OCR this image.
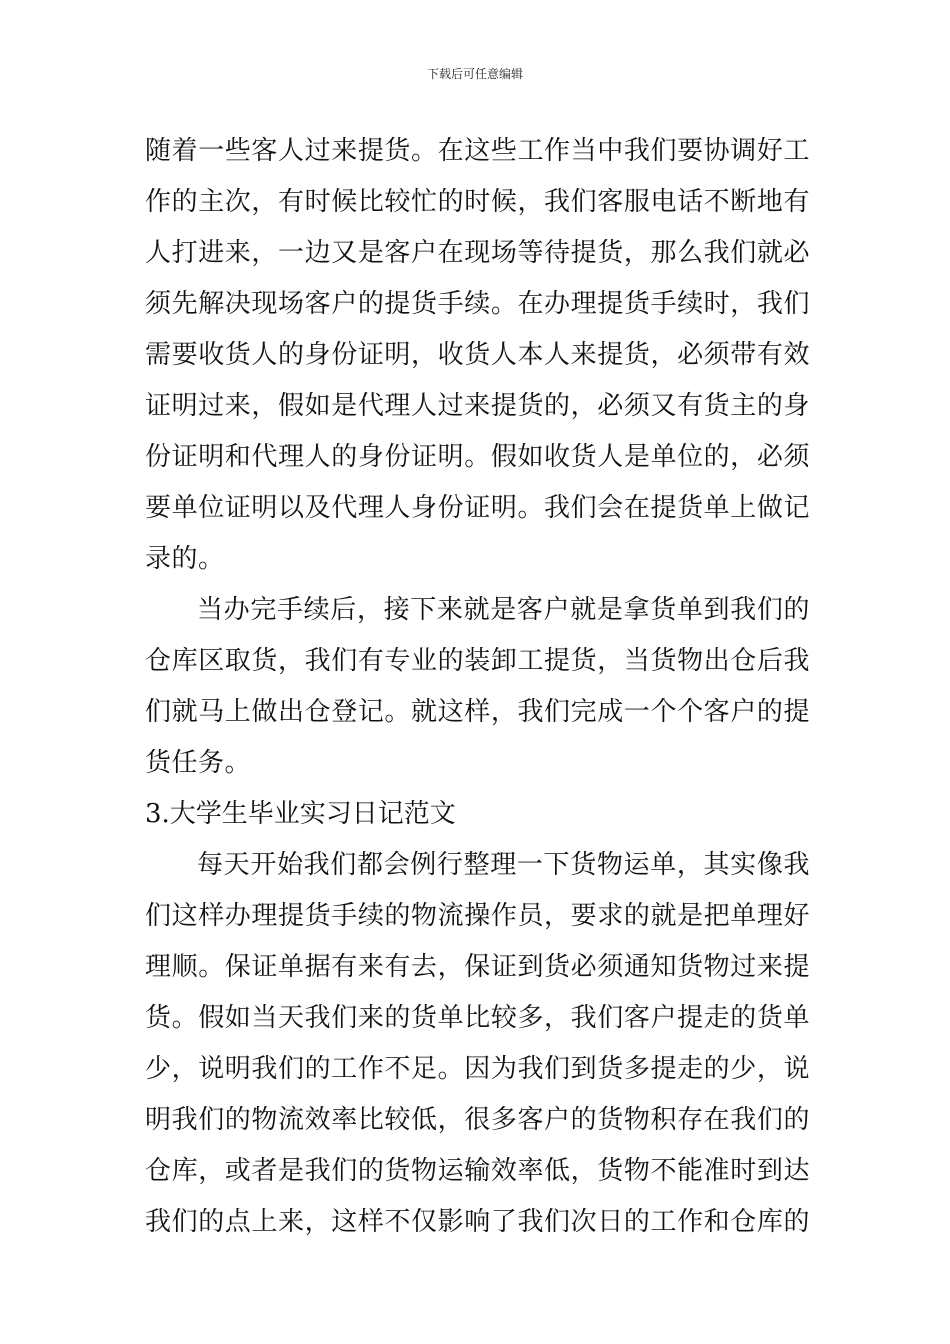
下载后可任意编辑
随着一些客人过来提货。在这些工作当中我们要协调好工
作的主次，有时候比较忙的时候，我们客服电话不断地有
人打进来，一边又是客户在现场等待提货，那么我们就必
须先解决现场客户的提货手续。在办理提货手续时，我们
需要收货人的身份证明，收货人本人来提货，必须带有效
证明过来，假如是代理人过来提货的，必须又有货主的身
份证明和代理人的身份证明。假如收货人是单位的，必须
要单位证明以及代理人身份证明。我们会在提货单上做记
录的。
当办完手续后，接下来就是客户就是拿货单到我们的
仓库区取货，我们有专业的装卸工提货，当货物出仓后我
们就马上做出仓登记。就这样，我们完成一个个客户的提
货任务。
3.大学生毕业实习日记范文
每天开始我们都会例行整理一下货物运单，其实像我
们这样办理提货手续的物流操作员，要求的就是把单理好
理顺。保证单据有来有去，保证到货必须通知货物过来提
货。假如当天我们来的货单比较多，我们客户提走的货单
少，说明我们的工作不足。因为我们到货多提走的少，说
明我们的物流效率比较低，很多客户的货物积存在我们的
仓库，或者是我们的货物运输效率低，货物不能准时到达
我们的点上来，这样不仅影响了我们次日的工作和仓库的
